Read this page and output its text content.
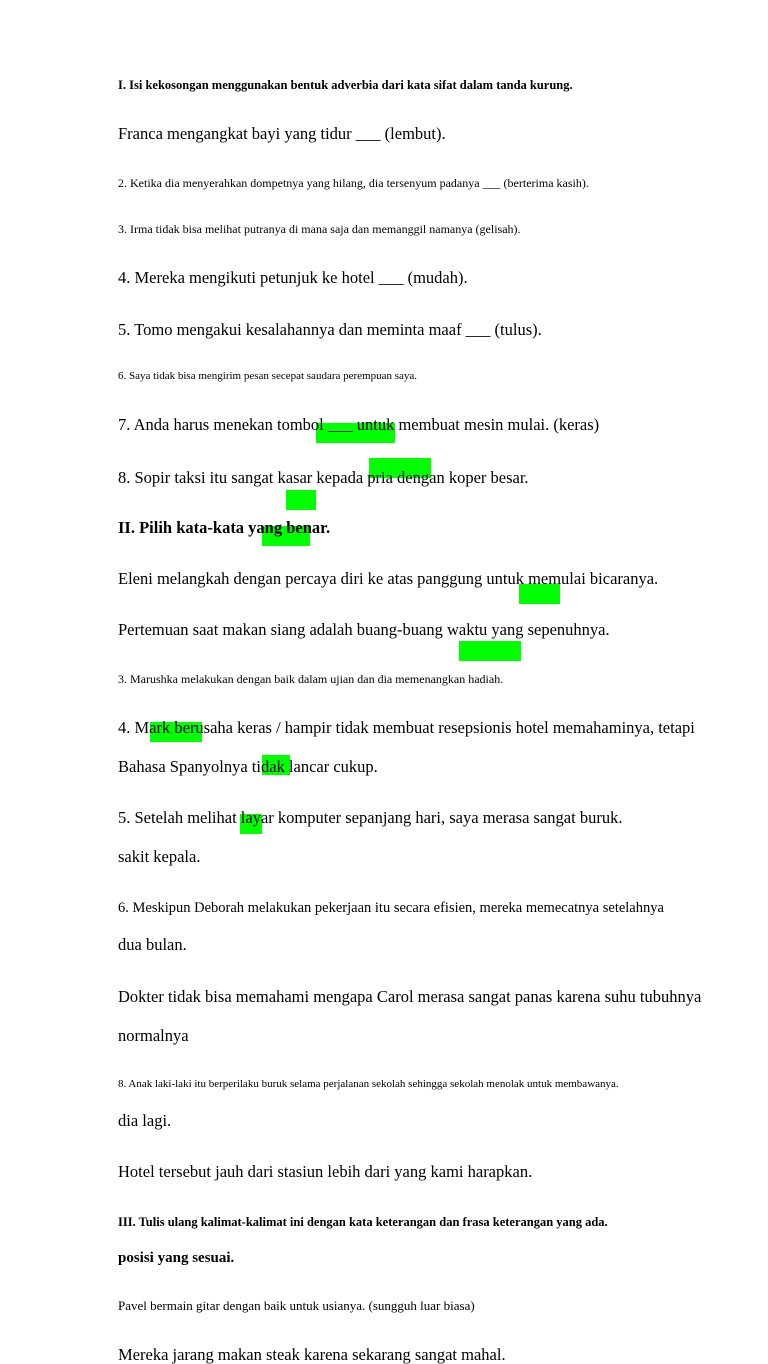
I. Isi kekosongan menggunakan bentuk adverbia dari kata sifat dalam tanda kurung.
Franca mengangkat bayi yang tidur ___ (lembut).
2. Ketika dia menyerahkan dompetnya yang hilang, dia tersenyum padanya ___ (berterima kasih).
3. Irma tidak bisa melihat putranya di mana saja dan memanggil namanya (gelisah).
4. Mereka mengikuti petunjuk ke hotel ___ (mudah).
5. Tomo mengakui kesalahannya dan meminta maaf ___ (tulus).
6. Saya tidak bisa mengirim pesan secepat saudara perempuan saya.
7. Anda harus menekan tombol ___ untuk membuat mesin mulai. (keras)
8. Sopir taksi itu sangat kasar kepada pria dengan koper besar.
II. Pilih kata-kata yang benar.
Eleni melangkah dengan percaya diri ke atas panggung untuk memulai bicaranya.
Pertemuan saat makan siang adalah buang-buang waktu yang sepenuhnya.
3. Marushka melakukan dengan baik dalam ujian dan dia memenangkan hadiah.
4. Mark berusaha keras / hampir tidak membuat resepsionis hotel memahaminya, tetapi
Bahasa Spanyolnya tidak lancar cukup.
5. Setelah melihat layar komputer sepanjang hari, saya merasa sangat buruk.
sakit kepala.
6. Meskipun Deborah melakukan pekerjaan itu secara efisien, mereka memecatnya setelahnya
dua bulan.
Dokter tidak bisa memahami mengapa Carol merasa sangat panas karena suhu tubuhnya
normalnya
8. Anak laki-laki itu berperilaku buruk selama perjalanan sekolah sehingga sekolah menolak untuk membawanya.
dia lagi.
Hotel tersebut jauh dari stasiun lebih dari yang kami harapkan.
III. Tulis ulang kalimat-kalimat ini dengan kata keterangan dan frasa keterangan yang ada.
posisi yang sesuai.
Pavel bermain gitar dengan baik untuk usianya. (sungguh luar biasa)
Mereka jarang makan steak karena sekarang sangat mahal.
